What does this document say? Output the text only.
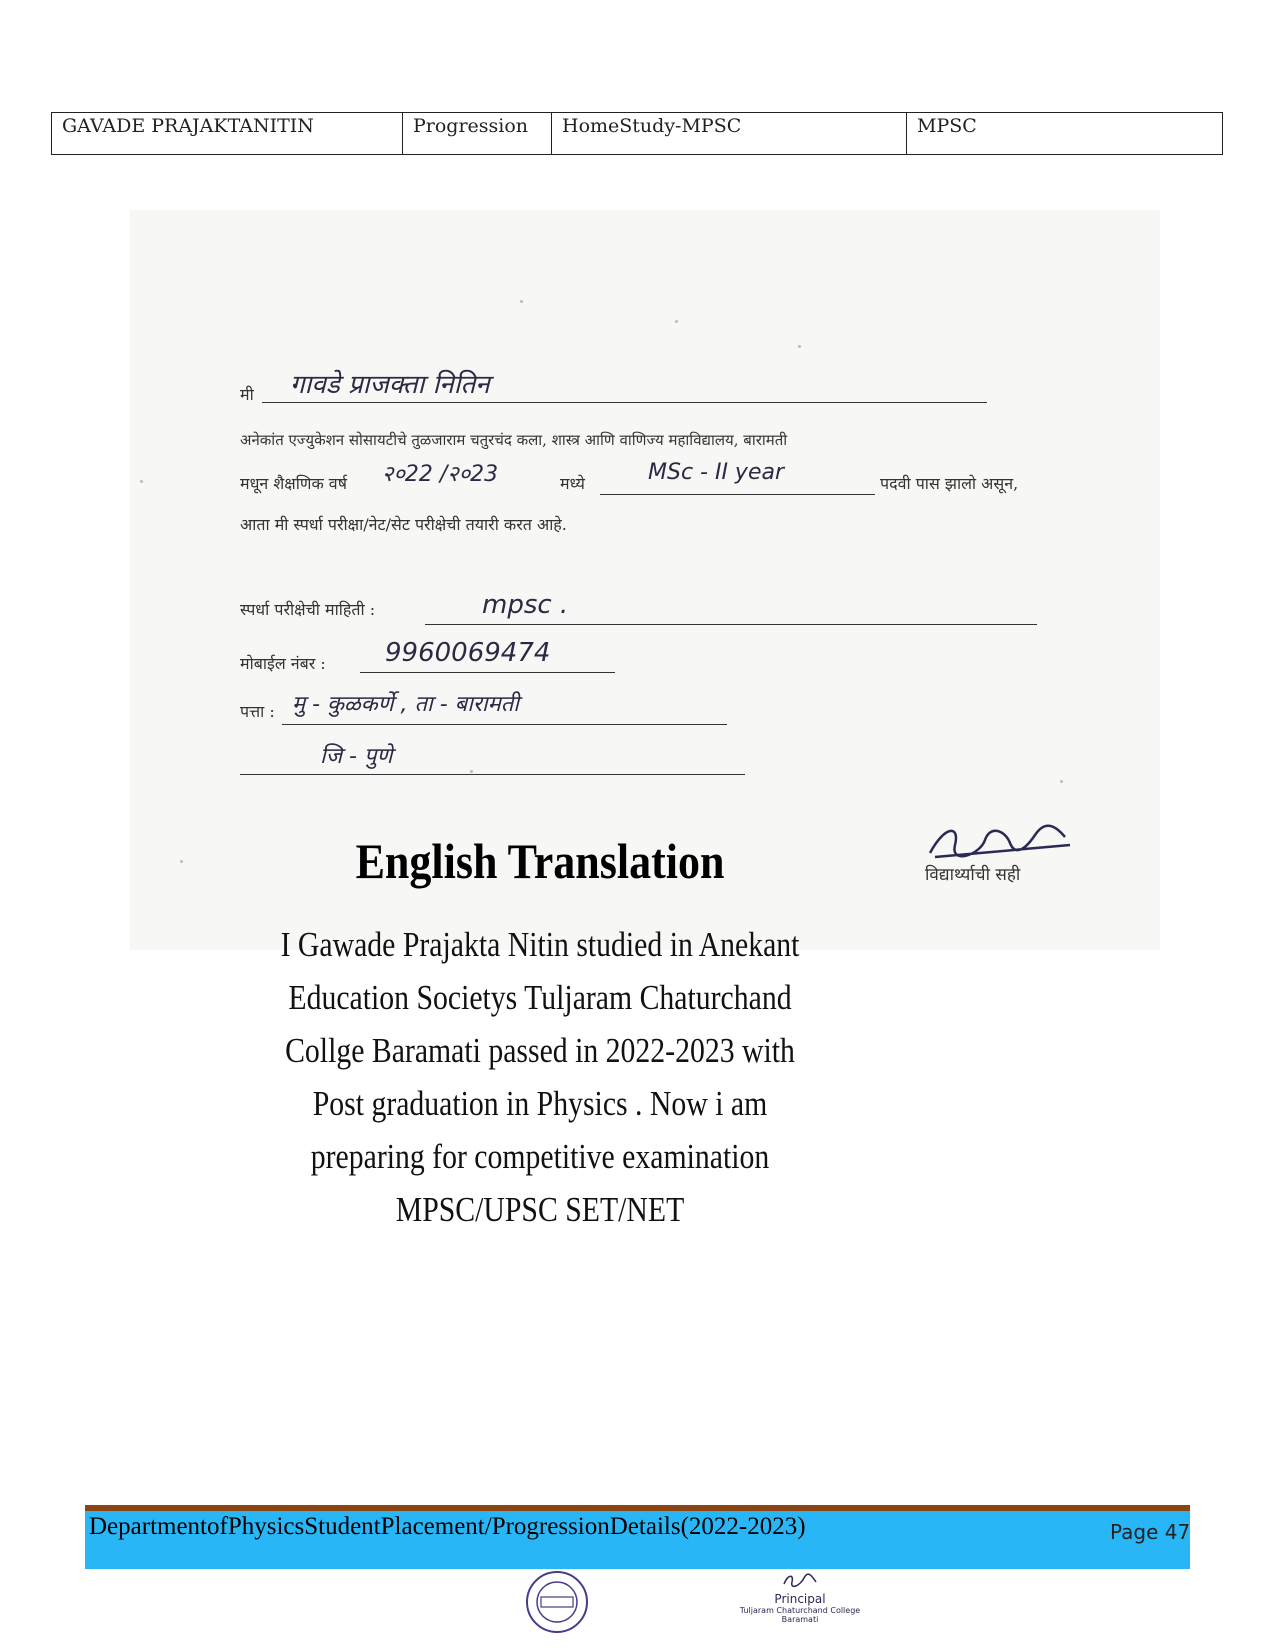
GAVADE PRAJAKTANITIN	Progression	HomeStudy-MPSC	MPSC
मी गावडे प्राजक्ता नितिन
अनेकांत एज्युकेशन सोसायटीचे तुळजाराम चतुरचंद कला, शास्त्र आणि वाणिज्य महाविद्यालय, बारामती
मधून शैक्षणिक वर्ष २०22 /२०23	मध्ये	MSc - II year	पदवी पास झालो असून,
आता मी स्पर्धा परीक्षा/नेट/सेट परीक्षेची तयारी करत आहे.
स्पर्धा परीक्षेची माहिती :	mpsc .
मोबाईल नंबर : 9960069474
पत्ता : मु - कुळकर्णे , ता - बारामती
जि - पुणे
विद्यार्थ्याची सही
English Translation
I Gawade Prajakta Nitin studied in Anekant
Education Societys Tuljaram Chaturchand
Collge Baramati passed in 2022-2023 with
Post graduation in Physics . Now i am
preparing for competitive examination
MPSC/UPSC SET/NET
DepartmentofPhysicsStudentPlacement/ProgressionDetails(2022-2023)	Page 47
Principal
Tuljaram Chaturchand College
Baramati
